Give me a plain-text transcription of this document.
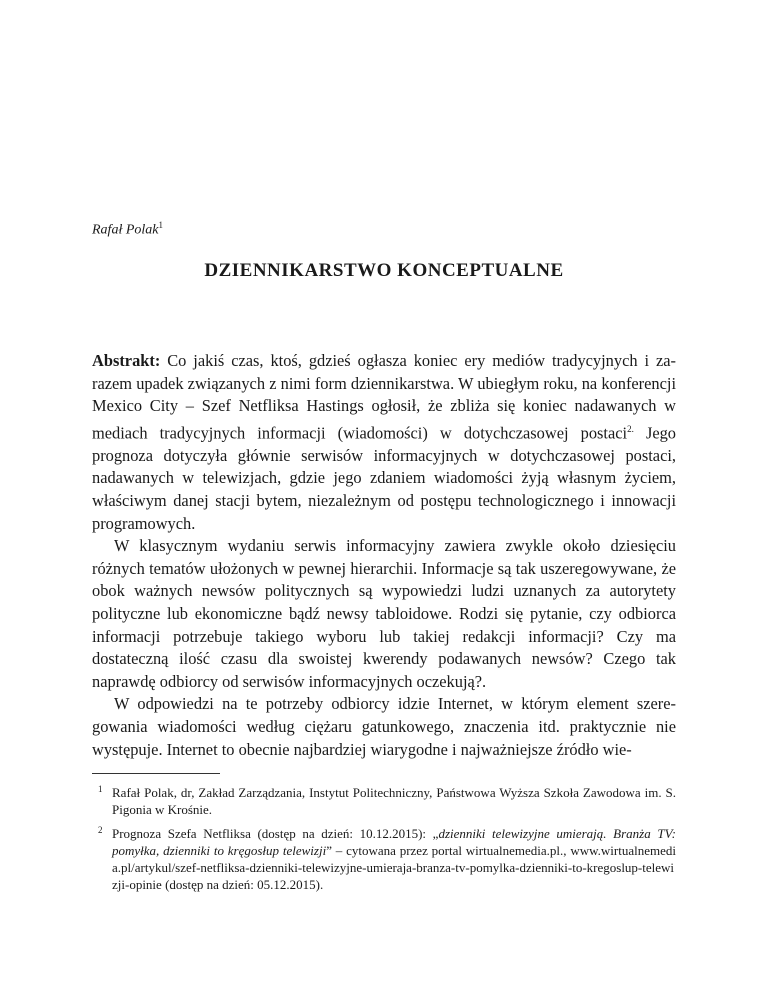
Rafał Polak$^1$
DZIENNIKARSTWO KONCEPTUALNE

Abstrakt: Co jakiś czas, ktoś, gdzieś ogłasza koniec ery mediów tradycyjnych i zarazem upadek związanych z nimi form dziennikarstwa. W ubiegłym roku, na konferencji Mexico City – Szef Netfliksa Hastings ogłosił, że zbliża się koniec nadawanych w mediach tradycyjnych informacji (wiadomości) w dotychczasowej postaci$^{2.}$ Jego prognoza dotyczyła głównie serwisów informacyjnych w dotychczasowej postaci, nadawanych w telewizjach, gdzie jego zdaniem wiadomości żyją własnym życiem, właściwym danej stacji bytem, niezależnym od postępu technologicznego i innowacji programowych.

W klasycznym wydaniu serwis informacyjny zawiera zwykle około dziesięciu różnych tematów ułożonych w pewnej hierarchii. Informacje są tak uszeregowywane, że obok ważnych newsów politycznych są wypowiedzi ludzi uznanych za autorytety polityczne lub ekonomiczne bądź newsy tabloidowe. Rodzi się pytanie, czy odbiorca informacji potrzebuje takiego wyboru lub takiej redakcji informacji? Czy ma dostateczną ilość czasu dla swoistej kwerendy podawanych newsów? Czego tak naprawdę odbiorcy od serwisów informacyjnych oczekują?.

W odpowiedzi na te potrzeby odbiorcy idzie Internet, w którym element szeregowania wiadomości według ciężaru gatunkowego, znaczenia itd. praktycznie nie występuje. Internet to obecnie najbardziej wiarygodne i najważniejsze źródło wie-

1 Rafał Polak, dr, Zakład Zarządzania, Instytut Politechniczny, Państwowa Wyższa Szkoła Zawodowa im. S. Pigonia w Krośnie.
2 Prognoza Szefa Netfliksa (dostęp na dzień: 10.12.2015): „dzienniki telewizyjne umierają. Branża TV: pomyłka, dzienniki to kręgosłup telewizji” – cytowana przez portal wirtualnemedia.pl., www.wirtualnemedia.pl/artykul/szef-netfliksa-dzienniki-telewizyjne-umieraja-branza-tv-pomylka-dzienniki-to-kregoslup-telewizji-opinie (dostęp na dzień: 05.12.2015).
